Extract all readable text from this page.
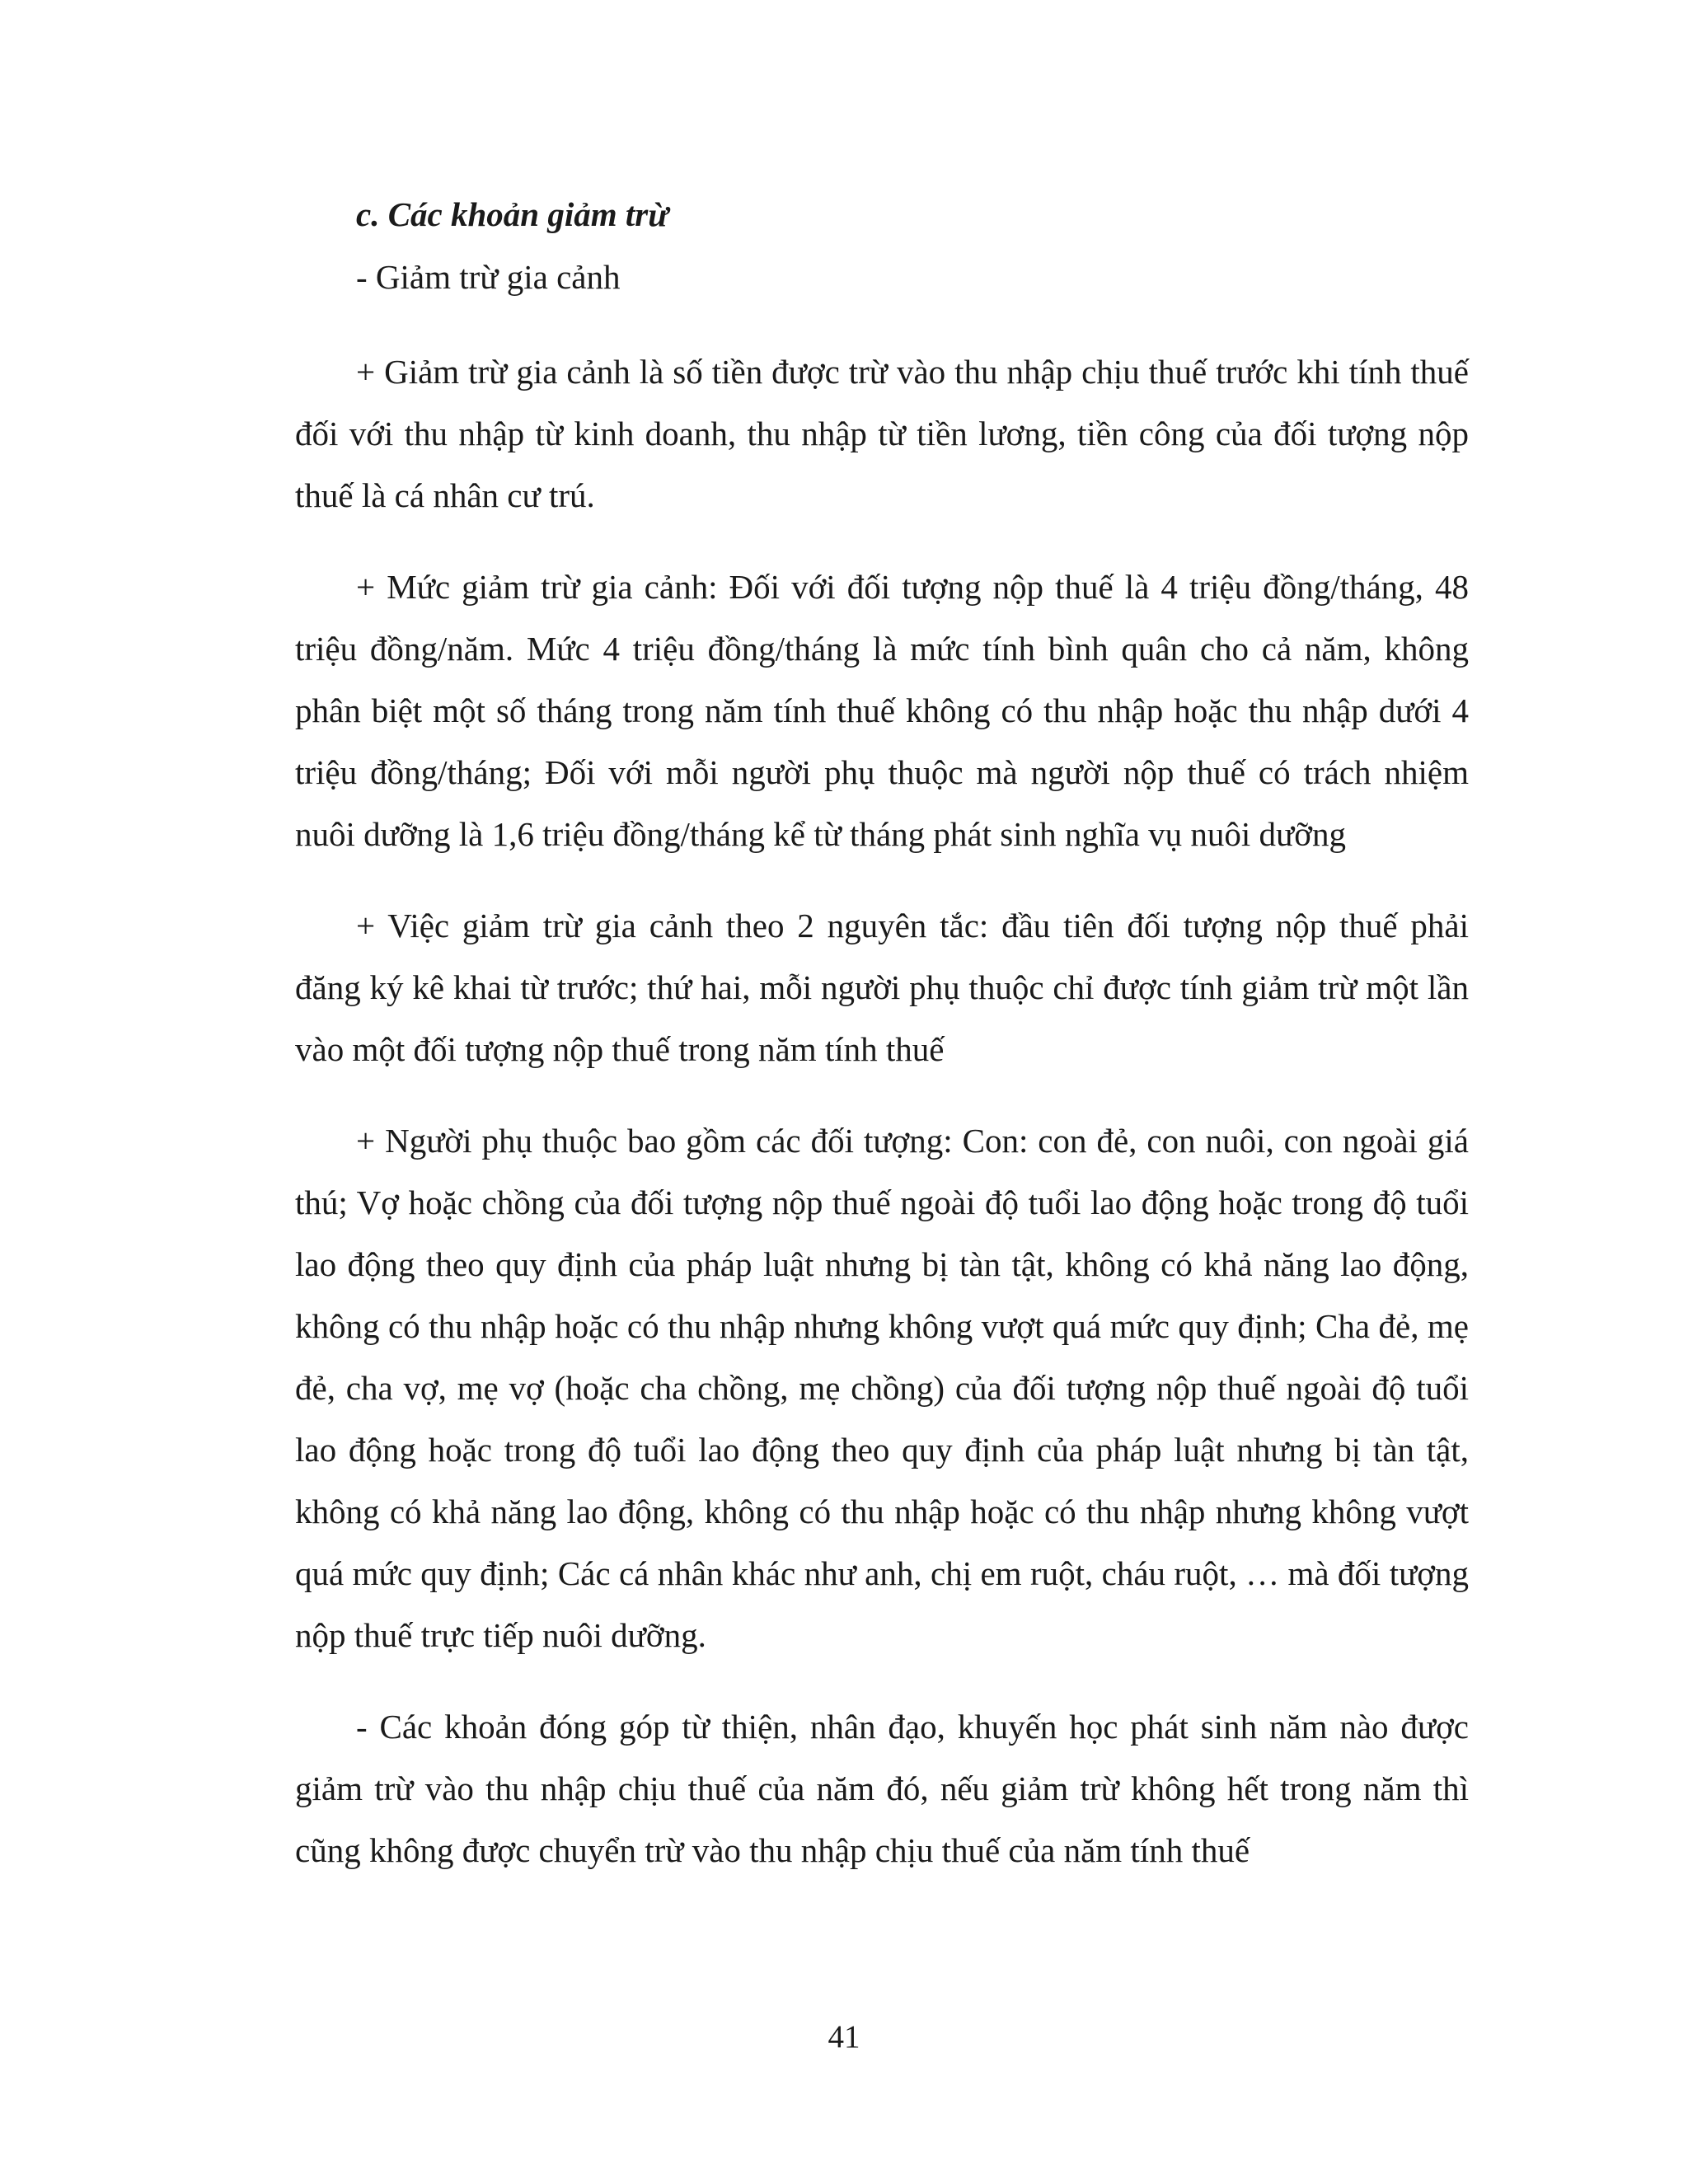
c. Các khoản giảm trừ
- Giảm trừ gia cảnh

+ Giảm trừ gia cảnh là số tiền được trừ vào thu nhập chịu thuế trước khi tính thuế đối với thu nhập từ kinh doanh, thu nhập từ tiền lương, tiền công của đối tượng nộp thuế là cá nhân cư trú.

+ Mức giảm trừ gia cảnh: Đối với đối tượng nộp thuế là 4 triệu đồng/tháng, 48 triệu đồng/năm. Mức 4 triệu đồng/tháng là mức tính bình quân cho cả năm, không phân biệt một số tháng trong năm tính thuế không có thu nhập hoặc thu nhập dưới 4 triệu đồng/tháng; Đối với mỗi người phụ thuộc mà người nộp thuế có trách nhiệm nuôi dưỡng là 1,6 triệu đồng/tháng kể từ tháng phát sinh nghĩa vụ nuôi dưỡng

+ Việc giảm trừ gia cảnh theo 2 nguyên tắc: đầu tiên đối tượng nộp thuế phải đăng ký kê khai từ trước; thứ hai, mỗi người phụ thuộc chỉ được tính giảm trừ một lần vào một đối tượng nộp thuế trong năm tính thuế

+ Người phụ thuộc bao gồm các đối tượng: Con: con đẻ, con nuôi, con ngoài giá thú; Vợ hoặc chồng của đối tượng nộp thuế ngoài độ tuổi lao động hoặc trong độ tuổi lao động theo quy định của pháp luật nhưng bị tàn tật, không có khả năng lao động, không có thu nhập hoặc có thu nhập nhưng không vượt quá mức quy định; Cha đẻ, mẹ đẻ, cha vợ, mẹ vợ (hoặc cha chồng, mẹ chồng) của đối tượng nộp thuế ngoài độ tuổi lao động hoặc trong độ tuổi lao động theo quy định của pháp luật nhưng bị tàn tật, không có khả năng lao động, không có thu nhập hoặc có thu nhập nhưng không vượt quá mức quy định; Các cá nhân khác như anh, chị em ruột, cháu ruột, … mà đối tượng nộp thuế trực tiếp nuôi dưỡng.

- Các khoản đóng góp từ thiện, nhân đạo, khuyến học phát sinh năm nào được giảm trừ vào thu nhập chịu thuế của năm đó, nếu giảm trừ không hết trong năm thì cũng không được chuyển trừ vào thu nhập chịu thuế của năm tính thuế

41
